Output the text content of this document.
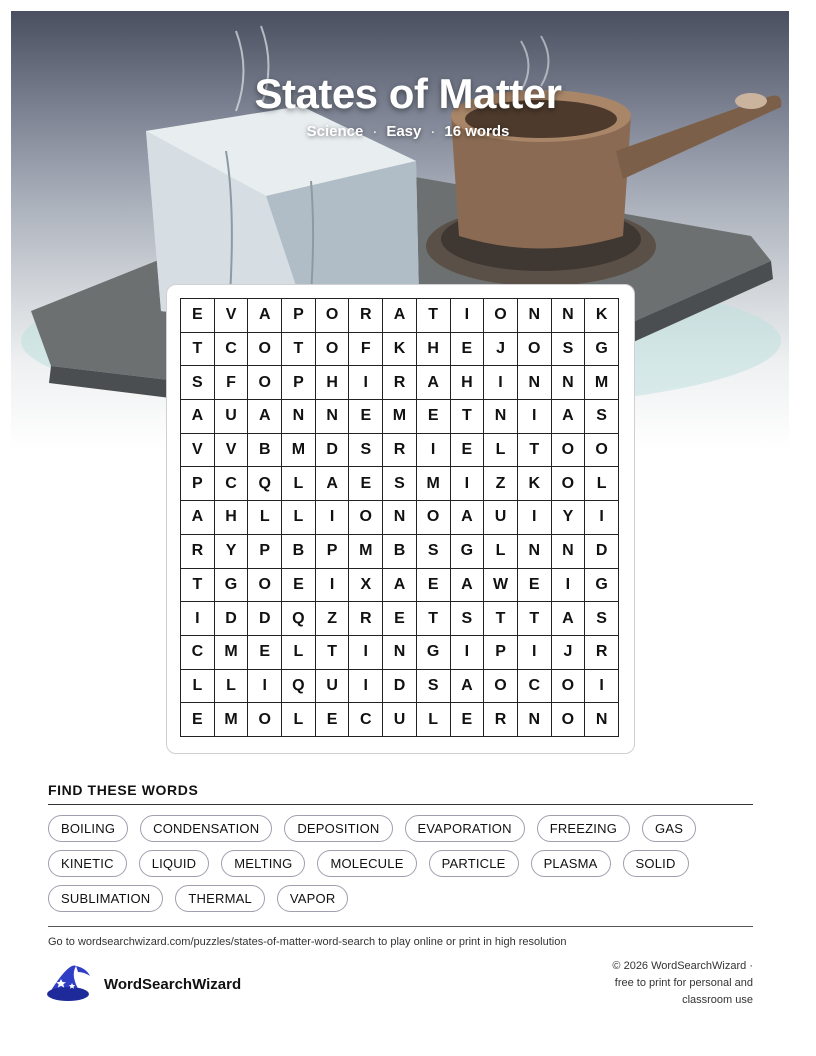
States of Matter
Science · Easy · 16 words
E	V	A	P	O	R	A	T	I	O	N	N	K
T	C	O	T	O	F	K	H	E	J	O	S	G
S	F	O	P	H	I	R	A	H	I	N	N	M
A	U	A	N	N	E	M	E	T	N	I	A	S
V	V	B	M	D	S	R	I	E	L	T	O	O
P	C	Q	L	A	E	S	M	I	Z	K	O	L
A	H	L	L	I	O	N	O	A	U	I	Y	I
R	Y	P	B	P	M	B	S	G	L	N	N	D
T	G	O	E	I	X	A	E	A	W	E	I	G
I	D	D	Q	Z	R	E	T	S	T	T	A	S
C	M	E	L	T	I	N	G	I	P	I	J	R
L	L	I	Q	U	I	D	S	A	O	C	O	I
E	M	O	L	E	C	U	L	E	R	N	O	N
FIND THESE WORDS
BOILING	CONDENSATION	DEPOSITION	EVAPORATION	FREEZING	GAS
KINETIC	LIQUID	MELTING	MOLECULE	PARTICLE	PLASMA	SOLID
SUBLIMATION	THERMAL	VAPOR
Go to wordsearchwizard.com/puzzles/states-of-matter-word-search to play online or print in high resolution
WordSearchWizard
© 2026 WordSearchWizard ·
free to print for personal and
classroom use
